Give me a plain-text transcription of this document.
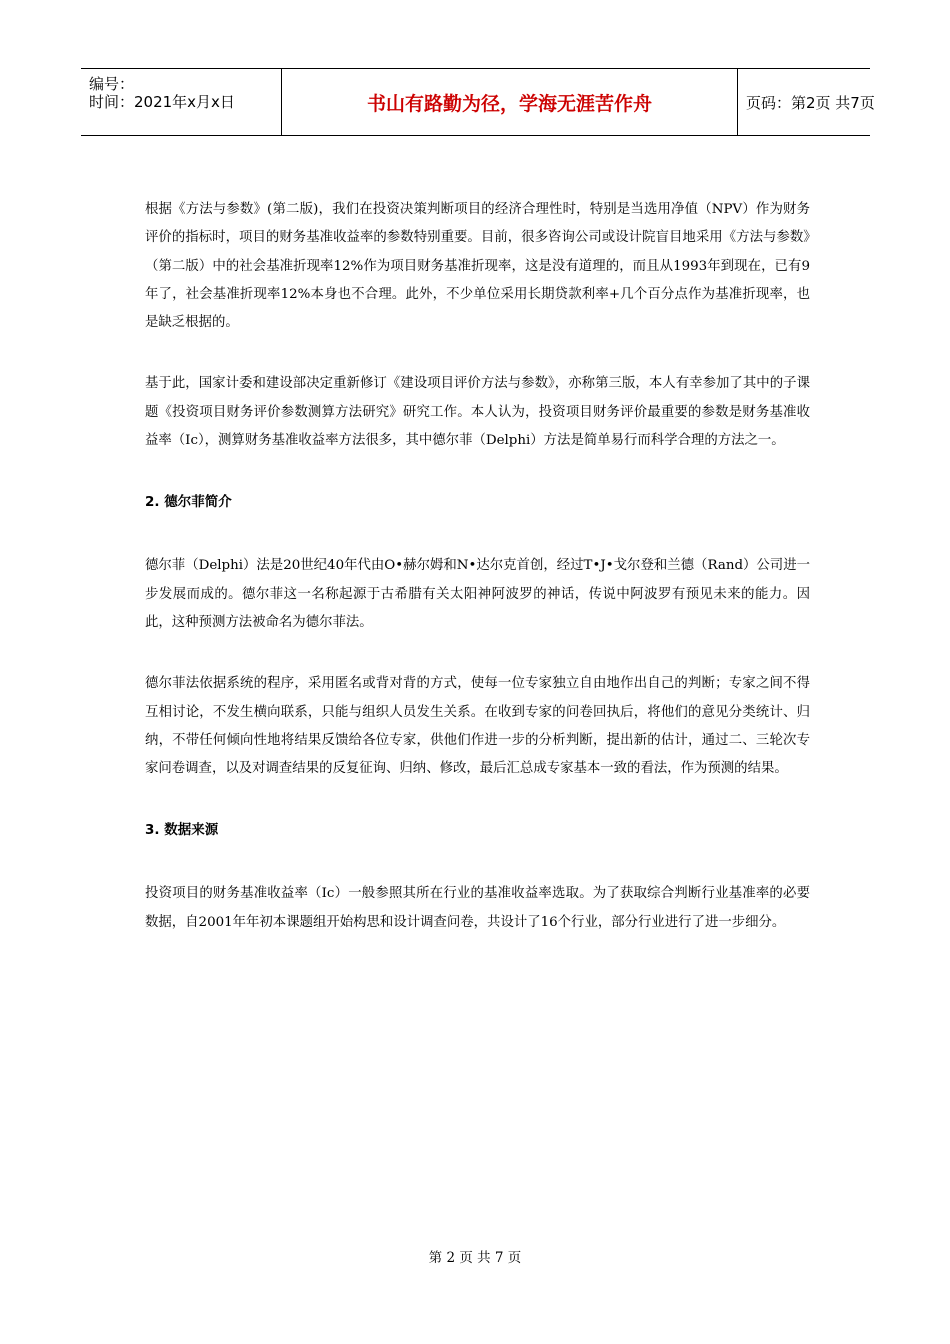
编号：
时间：2021年x月x日	书山有路勤为径，学海无涯苦作舟	页码：第2页 共7页

根据《方法与参数》(第二版)，我们在投资决策判断项目的经济合理性时，特别是当选用净值（NPV）作为财务评价的指标时，项目的财务基准收益率的参数特别重要。目前，很多咨询公司或设计院盲目地采用《方法与参数》（第二版）中的社会基准折现率12%作为项目财务基准折现率，这是没有道理的，而且从1993年到现在，已有9年了，社会基准折现率12%本身也不合理。此外，不少单位采用长期贷款利率+几个百分点作为基准折现率，也是缺乏根据的。

基于此，国家计委和建设部决定重新修订《建设项目评价方法与参数》，亦称第三版，本人有幸参加了其中的子课题《投资项目财务评价参数测算方法研究》研究工作。本人认为，投资项目财务评价最重要的参数是财务基准收益率（Ic），测算财务基准收益率方法很多，其中德尔菲（Delphi）方法是简单易行而科学合理的方法之一。

2. 德尔菲简介

德尔菲（Delphi）法是20世纪40年代由O•赫尔姆和N•达尔克首创，经过T•J•戈尔登和兰德（Rand）公司进一步发展而成的。德尔菲这一名称起源于古希腊有关太阳神阿波罗的神话，传说中阿波罗有预见未来的能力。因此，这种预测方法被命名为德尔菲法。

德尔菲法依据系统的程序，采用匿名或背对背的方式，使每一位专家独立自由地作出自己的判断；专家之间不得互相讨论，不发生横向联系，只能与组织人员发生关系。在收到专家的问卷回执后，将他们的意见分类统计、归纳，不带任何倾向性地将结果反馈给各位专家，供他们作进一步的分析判断，提出新的估计，通过二、三轮次专家问卷调查，以及对调查结果的反复征询、归纳、修改，最后汇总成专家基本一致的看法，作为预测的结果。

3. 数据来源

投资项目的财务基准收益率（Ic）一般参照其所在行业的基准收益率选取。为了获取综合判断行业基准率的必要数据，自2001年年初本课题组开始构思和设计调查问卷，共设计了16个行业，部分行业进行了进一步细分。

第 2 页 共 7 页
